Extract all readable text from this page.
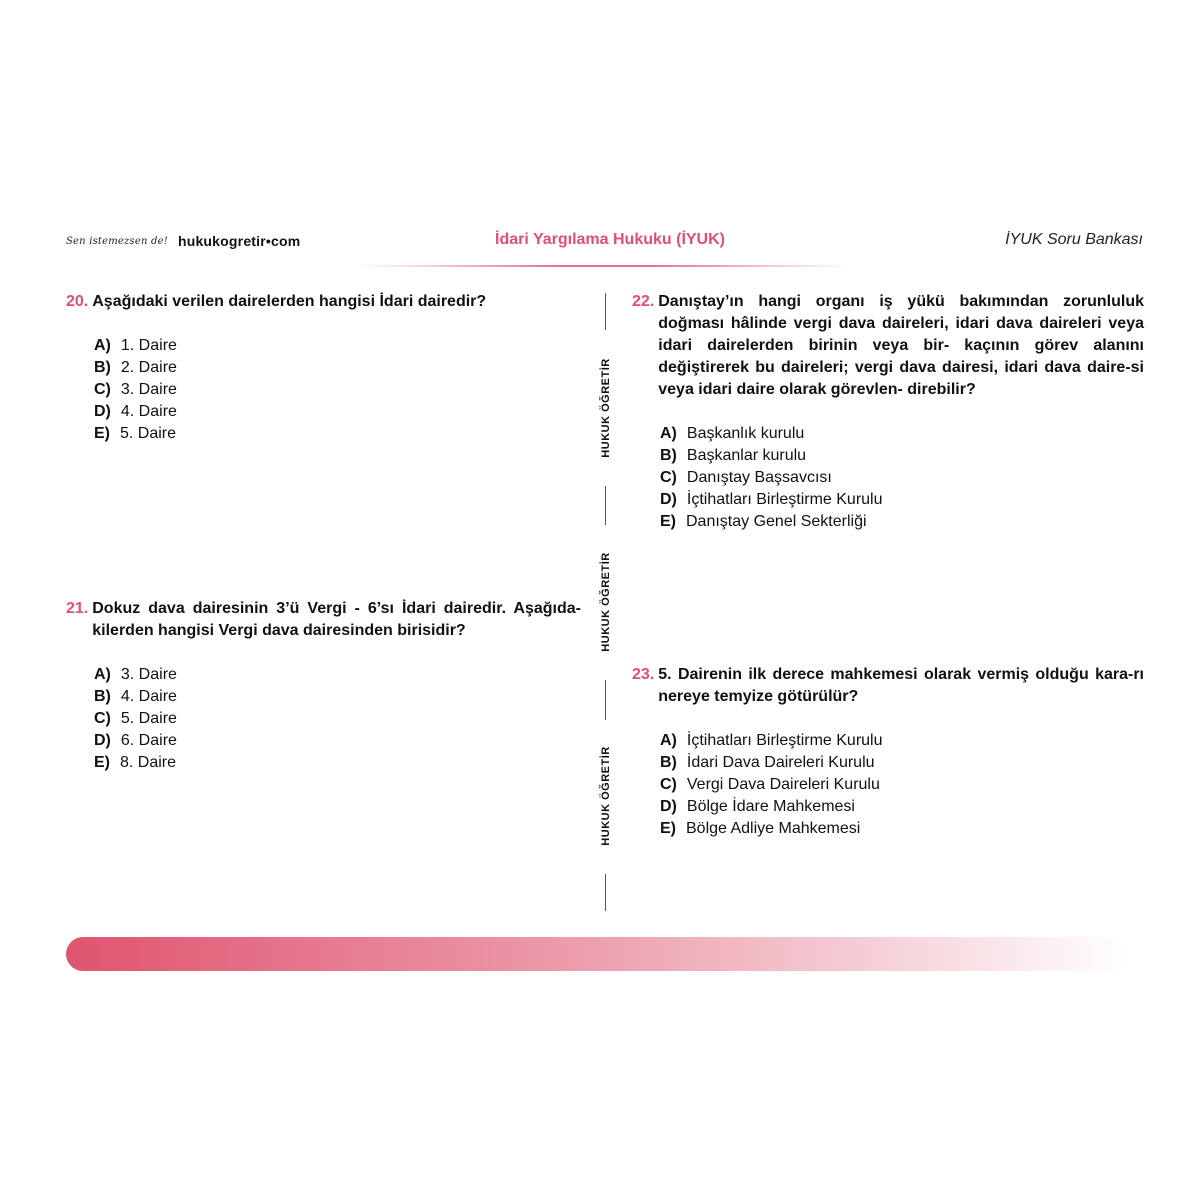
Sen istemezsen de! hukukogretir•com	İdari Yargılama Hukuku (İYUK)	İYUK Soru Bankası
20. Aşağıdaki verilen dairelerden hangisi İdari dairedir?
A) 1. Daire
B) 2. Daire
C) 3. Daire
D) 4. Daire
E) 5. Daire
21. Dokuz dava dairesinin 3’ü Vergi - 6’sı İdari dairedir. Aşağıda-kilerden hangisi Vergi dava dairesinden birisidir?
A) 3. Daire
B) 4. Daire
C) 5. Daire
D) 6. Daire
E) 8. Daire
HUKUK ÖĞRETİR
HUKUK ÖĞRETİR
HUKUK ÖĞRETİR
22. Danıştay’ın hangi organı iş yükü bakımından zorunluluk doğması hâlinde vergi dava daireleri, idari dava daireleri veya idari dairelerden birinin veya bir- kaçının görev alanını değiştirerek bu daireleri; vergi dava dairesi, idari dava daire-si veya idari daire olarak görevlen- direbilir?
A) Başkanlık kurulu
B) Başkanlar kurulu
C) Danıştay Başsavcısı
D) İçtihatları Birleştirme Kurulu
E) Danıştay Genel Sekterliği
23. 5. Dairenin ilk derece mahkemesi olarak vermiş olduğu kara-rı nereye temyize götürülür?
A) İçtihatları Birleştirme Kurulu
B) İdari Dava Daireleri Kurulu
C) Vergi Dava Daireleri Kurulu
D) Bölge İdare Mahkemesi
E) Bölge Adliye Mahkemesi
